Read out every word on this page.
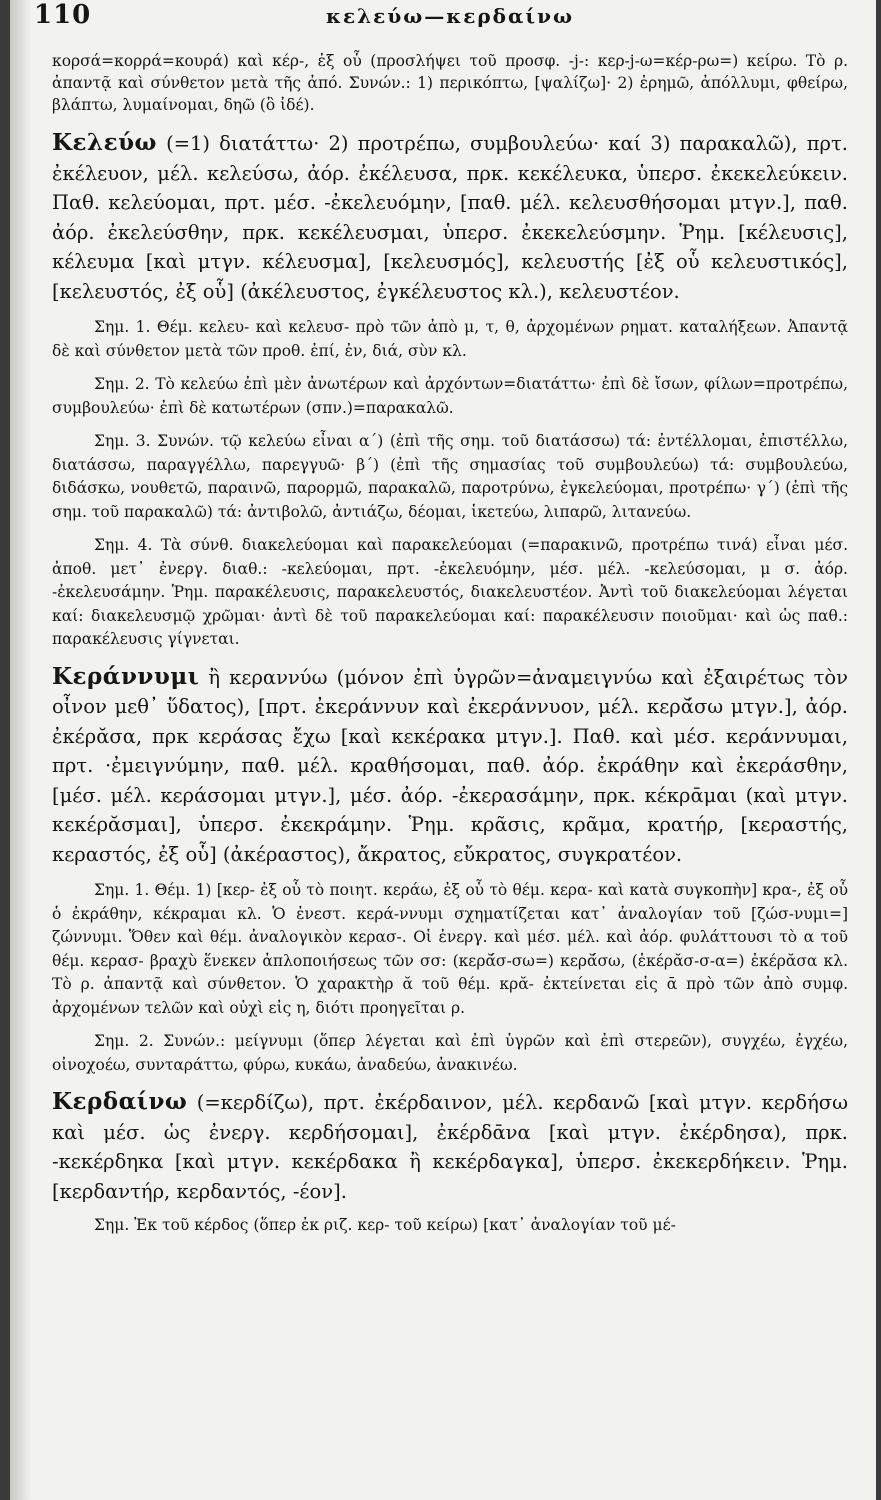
110	κελεύω—κερδαίνω

κορσά=κορρά=κουρά) καὶ κέρ-, ἐξ οὗ (προσλήψει τοῦ προσφ. -j-: κερ-j-ω=κέρ-ρω=) κείρω. Τὸ ρ. ἀπαντᾷ καὶ σύνθετον μετὰ τῆς ἀπό. Συνών.: 1) περικόπτω, [ψαλίζω]· 2) ἐρημῶ, ἀπόλλυμι, φθείρω, βλάπτω, λυμαίνομαι, δηῶ (ὃ ἰδέ).

Κελεύω (=1) διατάττω· 2) προτρέπω, συμβουλεύω· καί 3) παρακαλῶ), πρτ. ἐκέλευον, μέλ. κελεύσω, ἀόρ. ἐκέλευσα, πρκ. κεκέλευκα, ὑπερσ. ἐκεκελεύκειν. Παθ. κελεύομαι, πρτ. μέσ. -ἐκελευόμην, [παθ. μέλ. κελευσθήσομαι μτγν.], παθ. ἀόρ. ἐκελεύσθην, πρκ. κεκέλευσμαι, ὑπερσ. ἐκεκελεύσμην. Ῥημ. [κέλευσις], κέλευμα [καὶ μτγν. κέλευσμα], [κελευσμός], κελευστής [ἐξ οὗ κελευστικός], [κελευστός, ἐξ οὗ] (ἀκέλευστος, ἐγκέλευστος κλ.), κελευστέον.

Σημ. 1. Θέμ. κελευ- καὶ κελευσ- πρὸ τῶν ἀπὸ μ, τ, θ, ἀρχομένων ρηματ. καταλήξεων. Ἀπαντᾷ δὲ καὶ σύνθετον μετὰ τῶν προθ. ἐπί, ἐν, διά, σὺν κλ.

Σημ. 2. Τὸ κελεύω ἐπὶ μὲν ἀνωτέρων καὶ ἀρχόντων=διατάττω· ἐπὶ δὲ ἴσων, φίλων=προτρέπω, συμβουλεύω· ἐπὶ δὲ κατωτέρων (σπν.)=παρακαλῶ.

Σημ. 3. Συνών. τῷ κελεύω εἶναι α´) (ἐπὶ τῆς σημ. τοῦ διατάσσω) τά: ἐντέλλομαι, ἐπιστέλλω, διατάσσω, παραγγέλλω, παρεγγυῶ· β´) (ἐπὶ τῆς σημασίας τοῦ συμβουλεύω) τά: συμβουλεύω, διδάσκω, νουθετῶ, παραινῶ, παρορμῶ, παρακαλῶ, παροτρύνω, ἐγκελεύομαι, προτρέπω· γ´) (ἐπὶ τῆς σημ. τοῦ παρακαλῶ) τά: ἀντιβολῶ, ἀντιάζω, δέομαι, ἱκετεύω, λιπαρῶ, λιτανεύω.

Σημ. 4. Τὰ σύνθ. διακελεύομαι καὶ παρακελεύομαι (=παρακινῶ, προτρέπω τινά) εἶναι μέσ. ἀποθ. μετ᾽ ἐνεργ. διαθ.: -κελεύομαι, πρτ. -ἐκελευόμην, μέσ. μέλ. -κελεύσομαι, μ σ. ἀόρ. -ἐκελευσάμην. Ῥημ. παρακέλευσις, παρακελευστός, διακελευστέον. Ἀντὶ τοῦ διακελεύομαι λέγεται καί: διακελευσμῷ χρῶμαι· ἀντὶ δὲ τοῦ παρακελεύομαι καί: παρακέλευσιν ποιοῦμαι· καὶ ὡς παθ.: παρακέλευσις γίγνεται.

Κεράννυμι ἢ κεραννύω (μόνον ἐπὶ ὑγρῶν=ἀναμειγνύω καὶ ἐξαιρέτως τὸν οἶνον μεθ᾽ ὕδατος), [πρτ. ἐκεράννυν καὶ ἐκεράννυον, μέλ. κερᾰ́σω μτγν.], ἀόρ. ἐκέρᾰσα, πρκ κεράσας ἔχω [καὶ κεκέρακα μτγν.]. Παθ. καὶ μέσ. κεράννυμαι, πρτ. ·ἐμειγνύμην, παθ. μέλ. κραθήσομαι, παθ. ἀόρ. ἐκράθην καὶ ἐκεράσθην, [μέσ. μέλ. κεράσομαι μτγν.], μέσ. ἀόρ. -ἐκερασάμην, πρκ. κέκρᾱμαι (καὶ μτγν. κεκέρᾰσμαι], ὑπερσ. ἐκεκράμην. Ῥημ. κρᾶσις, κρᾶμα, κρατήρ, [κεραστής, κεραστός, ἐξ οὗ] (ἀκέραστος), ἄκρατος, εὔκρατος, συγκρατέον.

Σημ. 1. Θέμ. 1) [κερ- ἐξ οὗ τὸ ποιητ. κεράω, ἐξ οὗ τὸ θέμ. κερα- καὶ κατὰ συγκοπὴν] κρα-, ἐξ οὗ ὁ ἐκράθην, κέκραμαι κλ. Ὁ ἐνεστ. κερά-ννυμι σχηματίζεται κατ᾽ ἀναλογίαν τοῦ [ζώσ-νυμι=] ζώννυμι. Ὅθεν καὶ θέμ. ἀναλογικὸν κερασ-. Οἱ ἐνεργ. καὶ μέσ. μέλ. καὶ ἀόρ. φυλάττουσι τὸ α τοῦ θέμ. κερασ- βραχὺ ἕνεκεν ἀπλοποιήσεως τῶν σσ: (κερᾰ́σ-σω=) κερᾰ́σω, (ἐκέρᾰσ-σ-α=) ἐκέρᾰσα κλ. Τὸ ρ. ἀπαντᾷ καὶ σύνθετον. Ὁ χαρακτὴρ ᾰ τοῦ θέμ. κρᾰ- ἐκτείνεται εἰς ᾱ πρὸ τῶν ἀπὸ συμφ. ἀρχομένων τελῶν καὶ οὐχὶ εἰς η, διότι προηγεῖται ρ.

Σημ. 2. Συνών.: μείγνυμι (ὅπερ λέγεται καὶ ἐπὶ ὑγρῶν καὶ ἐπὶ στερεῶν), συγχέω, ἐγχέω, οἰνοχοέω, συνταράττω, φύρω, κυκάω, ἀναδεύω, ἀνακινέω.

Κερδαίνω (=κερδίζω), πρτ. ἐκέρδαινον, μέλ. κερδανῶ [καὶ μτγν. κερδήσω καὶ μέσ. ὡς ἐνεργ. κερδήσομαι], ἐκέρδᾱνα [καὶ μτγν. ἐκέρδησα), πρκ. -κεκέρδηκα [καὶ μτγν. κεκέρδακα ἢ κεκέρδαγκα], ὑπερσ. ἐκεκερδήκειν. Ῥημ. [κερδαντήρ, κερδαντός, -έον].

Σημ. Ἐκ τοῦ κέρδος (ὅπερ ἐκ ριζ. κερ- τοῦ κείρω) [κατ᾽ ἀναλογίαν τοῦ μέ-
